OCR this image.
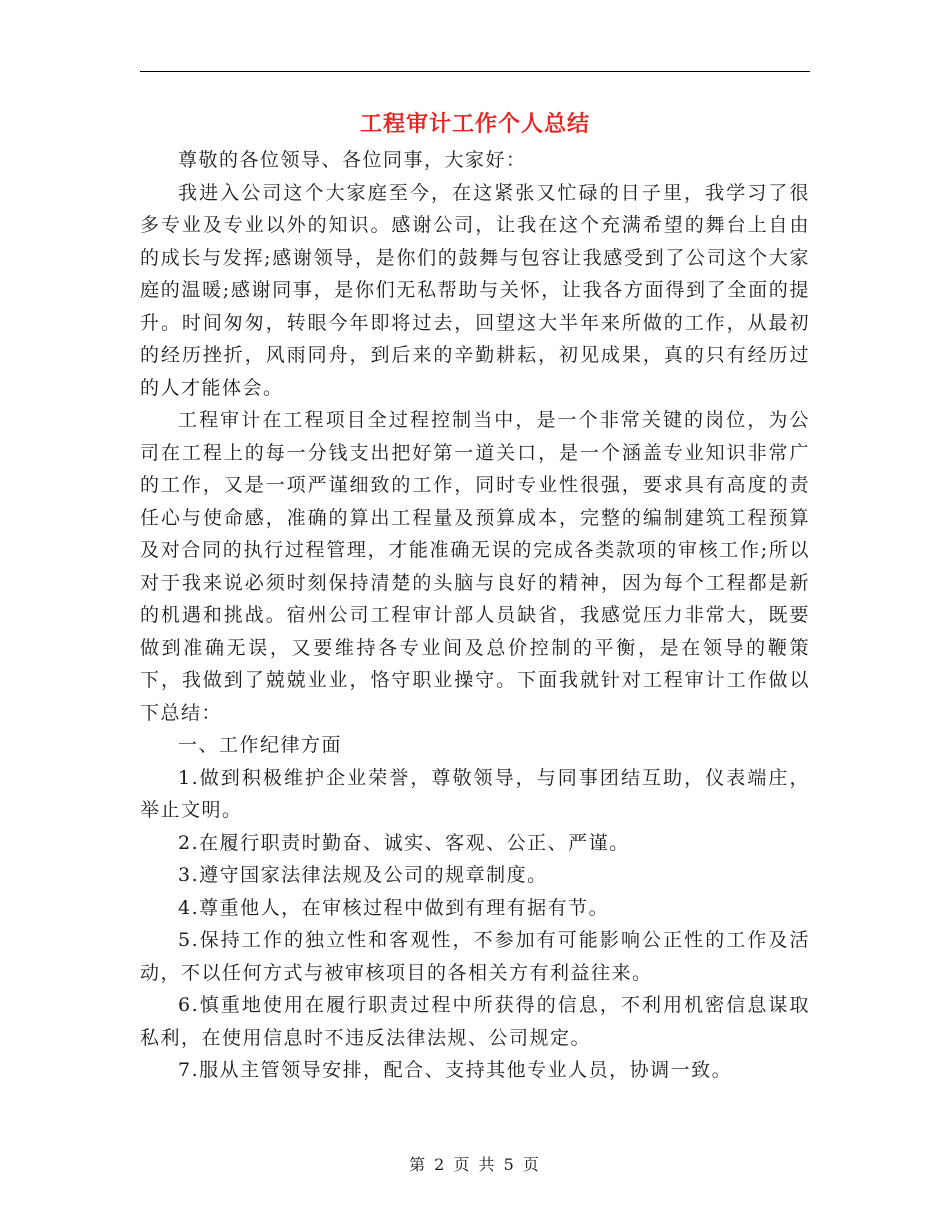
工程审计工作个人总结

尊敬的各位领导、各位同事，大家好：

我进入公司这个大家庭至今，在这紧张又忙碌的日子里，我学习了很多专业及专业以外的知识。感谢公司，让我在这个充满希望的舞台上自由的成长与发挥;感谢领导，是你们的鼓舞与包容让我感受到了公司这个大家庭的温暖;感谢同事，是你们无私帮助与关怀，让我各方面得到了全面的提升。时间匆匆，转眼今年即将过去，回望这大半年来所做的工作，从最初的经历挫折，风雨同舟，到后来的辛勤耕耘，初见成果，真的只有经历过的人才能体会。

工程审计在工程项目全过程控制当中，是一个非常关键的岗位，为公司在工程上的每一分钱支出把好第一道关口，是一个涵盖专业知识非常广的工作，又是一项严谨细致的工作，同时专业性很强，要求具有高度的责任心与使命感，准确的算出工程量及预算成本，完整的编制建筑工程预算及对合同的执行过程管理，才能准确无误的完成各类款项的审核工作;所以对于我来说必须时刻保持清楚的头脑与良好的精神，因为每个工程都是新的机遇和挑战。宿州公司工程审计部人员缺省，我感觉压力非常大，既要做到准确无误，又要维持各专业间及总价控制的平衡，是在领导的鞭策下，我做到了兢兢业业，恪守职业操守。下面我就针对工程审计工作做以下总结：

一、工作纪律方面

1.做到积极维护企业荣誉，尊敬领导，与同事团结互助，仪表端庄，举止文明。

2.在履行职责时勤奋、诚实、客观、公正、严谨。

3.遵守国家法律法规及公司的规章制度。

4.尊重他人，在审核过程中做到有理有据有节。

5.保持工作的独立性和客观性，不参加有可能影响公正性的工作及活动，不以任何方式与被审核项目的各相关方有利益往来。

6.慎重地使用在履行职责过程中所获得的信息，不利用机密信息谋取私利，在使用信息时不违反法律法规、公司规定。

7.服从主管领导安排，配合、支持其他专业人员，协调一致。

第 2 页 共 5 页
